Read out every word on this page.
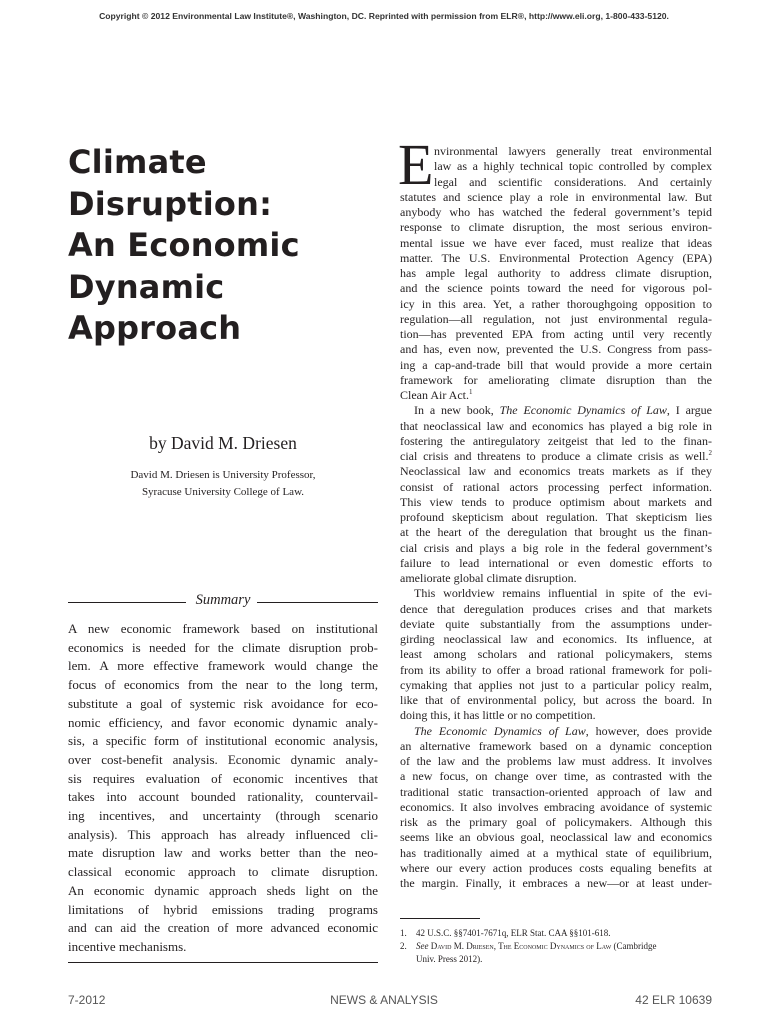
Copyright © 2012 Environmental Law Institute®, Washington, DC. Reprinted with permission from ELR®, http://www.eli.org, 1-800-433-5120.
Climate
Disruption:
An Economic
Dynamic
Approach
by David M. Driesen
David M. Driesen is University Professor,
Syracuse University College of Law.
Summary
A new economic framework based on institutional
economics is needed for the climate disruption prob-
lem. A more effective framework would change the
focus of economics from the near to the long term,
substitute a goal of systemic risk avoidance for eco-
nomic efficiency, and favor economic dynamic analy-
sis, a specific form of institutional economic analysis,
over cost-benefit analysis. Economic dynamic analy-
sis requires evaluation of economic incentives that
takes into account bounded rationality, countervail-
ing incentives, and uncertainty (through scenario
analysis). This approach has already influenced cli-
mate disruption law and works better than the neo-
classical economic approach to climate disruption.
An economic dynamic approach sheds light on the
limitations of hybrid emissions trading programs
and can aid the creation of more advanced economic
incentive mechanisms.
E nvironmental lawyers generally treat environmental
law as a highly technical topic controlled by complex
legal and scientific considerations. And certainly
statutes and science play a role in environmental law. But
anybody who has watched the federal government’s tepid
response to climate disruption, the most serious environ-
mental issue we have ever faced, must realize that ideas
matter. The U.S. Environmental Protection Agency (EPA)
has ample legal authority to address climate disruption,
and the science points toward the need for vigorous pol-
icy in this area. Yet, a rather thoroughgoing opposition to
regulation—all regulation, not just environmental regula-
tion—has prevented EPA from acting until very recently
and has, even now, prevented the U.S. Congress from pass-
ing a cap-and-trade bill that would provide a more certain
framework for ameliorating climate disruption than the
Clean Air Act.$^1$
In a new book, The Economic Dynamics of Law, I argue
that neoclassical law and economics has played a big role in
fostering the antiregulatory zeitgeist that led to the finan-
cial crisis and threatens to produce a climate crisis as well.$^2$
Neoclassical law and economics treats markets as if they
consist of rational actors processing perfect information.
This view tends to produce optimism about markets and
profound skepticism about regulation. That skepticism lies
at the heart of the deregulation that brought us the finan-
cial crisis and plays a big role in the federal government’s
failure to lead international or even domestic efforts to
ameliorate global climate disruption.
This worldview remains influential in spite of the evi-
dence that deregulation produces crises and that markets
deviate quite substantially from the assumptions under-
girding neoclassical law and economics. Its influence, at
least among scholars and rational policymakers, stems
from its ability to offer a broad rational framework for poli-
cymaking that applies not just to a particular policy realm,
like that of environmental policy, but across the board. In
doing this, it has little or no competition.
The Economic Dynamics of Law, however, does provide
an alternative framework based on a dynamic conception
of the law and the problems law must address. It involves
a new focus, on change over time, as contrasted with the
traditional static transaction-oriented approach of law and
economics. It also involves embracing avoidance of systemic
risk as the primary goal of policymakers. Although this
seems like an obvious goal, neoclassical law and economics
has traditionally aimed at a mythical state of equilibrium,
where our every action produces costs equaling benefits at
the margin. Finally, it embraces a new—or at least under-
1.	42 U.S.C. §§7401-7671q, ELR Stat. CAA §§101-618.
2.	See David M. Driesen, The Economic Dynamics of Law (Cambridge
Univ. Press 2012).
7-2012	NEWS & ANALYSIS	42 ELR 10639
